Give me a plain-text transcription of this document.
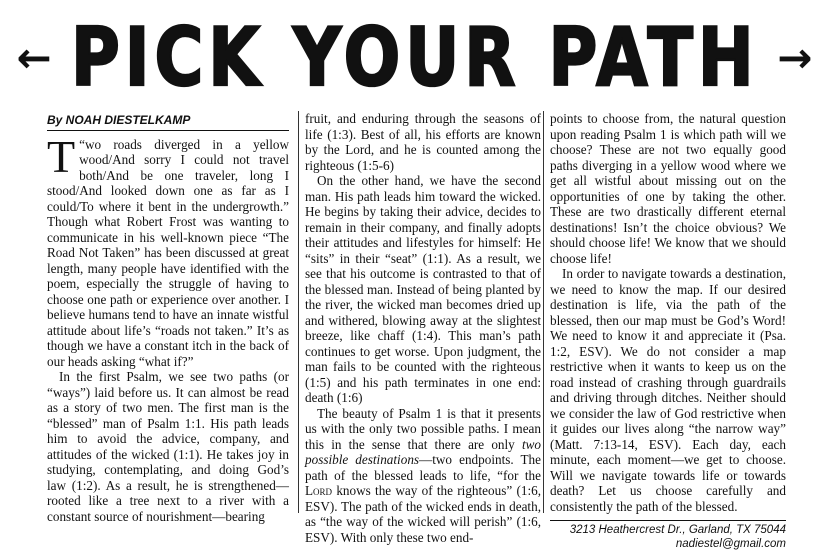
← PICK YOUR PATH →
By NOAH DIESTELKAMP

“
T wo roads diverged in a yellow wood/And sorry I could not travel both/And be one traveler, long I stood/And looked down one as far as I could/To where it bent in the undergrowth.” Though what Robert Frost was wanting to communicate in his well-known piece “The Road Not Taken” has been discussed at great length, many people have identified with the poem, especially the struggle of having to choose one path or experience over another. I believe humans tend to have an innate wistful attitude about life’s “roads not taken.” It’s as though we have a constant itch in the back of our heads asking “what if?”

In the first Psalm, we see two paths (or “ways”) laid before us. It can almost be read as a story of two men. The first man is the “blessed” man of Psalm 1:1. His path leads him to avoid the advice, company, and attitudes of the wicked (1:1). He takes joy in studying, contemplating, and doing God’s law (1:2). As a result, he is strengthened—rooted like a tree next to a river with a constant source of nourishment—bearing

fruit, and enduring through the seasons of life (1:3). Best of all, his efforts are known by the Lord, and he is counted among the righteous (1:5-6)

On the other hand, we have the second man. His path leads him toward the wicked. He begins by taking their advice, decides to remain in their company, and finally adopts their attitudes and lifestyles for himself: He “sits” in their “seat” (1:1). As a result, we see that his outcome is contrasted to that of the blessed man. Instead of being planted by the river, the wicked man becomes dried up and withered, blowing away at the slightest breeze, like chaff (1:4). This man’s path continues to get worse. Upon judgment, the man fails to be counted with the righteous (1:5) and his path terminates in one end: death (1:6)

The beauty of Psalm 1 is that it presents us with the only two possible paths. I mean this in the sense that there are only two possible destinations—two endpoints. The path of the blessed leads to life, “for the Lord knows the way of the righteous” (1:6, ESV). The path of the wicked ends in death, as “the way of the wicked will perish” (1:6, ESV). With only these two end-

points to choose from, the natural question upon reading Psalm 1 is which path will we choose? These are not two equally good paths diverging in a yellow wood where we get all wistful about missing out on the opportunities of one by taking the other. These are two drastically different eternal destinations! Isn’t the choice obvious? We should choose life! We know that we should choose life!

In order to navigate towards a destination, we need to know the map. If our desired destination is life, via the path of the blessed, then our map must be God’s Word! We need to know it and appreciate it (Psa. 1:2, ESV). We do not consider a map restrictive when it wants to keep us on the road instead of crashing through guardrails and driving through ditches. Neither should we consider the law of God restrictive when it guides our lives along “the narrow way” (Matt. 7:13-14, ESV). Each day, each minute, each moment—we get to choose. Will we navigate towards life or towards death? Let us choose carefully and consistently the path of the blessed.

3213 Heathercrest Dr., Garland, TX 75044
nadiestel@gmail.com
